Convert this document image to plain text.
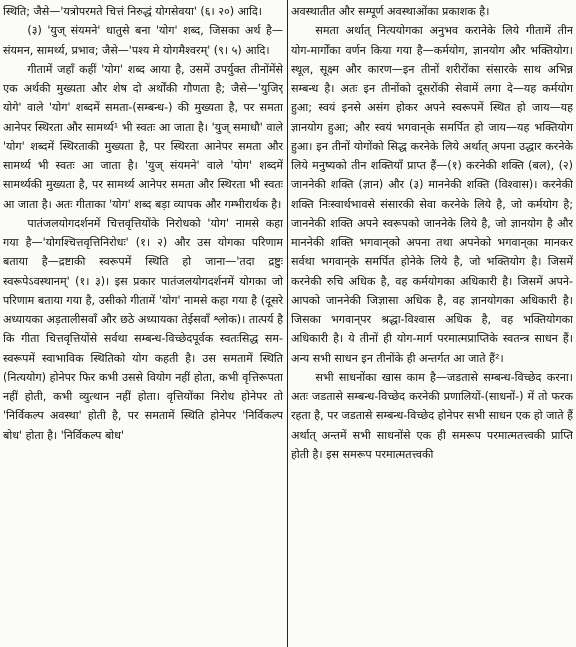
स्थिति; जैसे—'यत्रोपरमते चित्तं निरुद्धं योगसेवया' (६। २०) आदि।

(३) 'युज् संयमने' धातुसे बना 'योग' शब्द, जिसका अर्थ है—संयमन, सामर्थ्य, प्रभाव; जैसे—'पश्य मे योगमैश्वरम्' (९। ५) आदि।

गीतामें जहाँ कहीं 'योग' शब्द आया है, उसमें उपर्युक्त तीनोंमेंसे एक अर्थकी मुख्यता और शेष दो अर्थोंकी गौणता है; जैसे—'युजिर् योगे' वाले 'योग' शब्दमें समता-(सम्बन्ध-) की मुख्यता है, पर समता आनेपर स्थिरता और सामर्थ्य¹ भी स्वतः आ जाता है। 'युज् समाधौ' वाले 'योग' शब्दमें स्थिरताकी मुख्यता है, पर स्थिरता आनेपर समता और सामर्थ्य भी स्वतः आ जाता है। 'युज् संयमने' वाले 'योग' शब्दमें सामर्थ्यकी मुख्यता है, पर सामर्थ्य आनेपर समता और स्थिरता भी स्वतः आ जाता है। अतः गीताका 'योग' शब्द बड़ा व्यापक और गम्भीरार्थक है।

पातंजलयोगदर्शनमें चित्तवृत्तियोंके निरोधको 'योग' नामसे कहा गया है—'योगश्चित्तवृत्तिनिरोधः' (१। २) और उस योगका परिणाम बताया है—द्रष्टाकी स्वरूपमें स्थिति हो जाना—'तदा द्रष्टुः स्वरूपेऽवस्थानम्' (१। ३)। इस प्रकार पातंजलयोगदर्शनमें योगका जो परिणाम बताया गया है, उसीको गीतामें 'योग' नामसे कहा गया है (दूसरे अध्यायका अड़तालीसवाँ और छठे अध्यायका तेईसवाँ श्लोक)। तात्पर्य है कि गीता चित्तवृत्तियोंसे सर्वथा सम्बन्ध-विच्छेदपूर्वक स्वतःसिद्ध सम-स्वरूपमें स्वाभाविक स्थितिको योग कहती है। उस समतामें स्थिति (नित्ययोग) होनेपर फिर कभी उससे वियोग नहीं होता, कभी वृत्तिरूपता नहीं होती, कभी व्युत्थान नहीं होता। वृत्तियोंका निरोध होनेपर तो 'निर्विकल्प अवस्था' होती है, पर समतामें स्थिति होनेपर 'निर्विकल्प बोध' होता है। 'निर्विकल्प बोध'

अवस्थातीत और सम्पूर्ण अवस्थाओंका प्रकाशक है।

समता अर्थात् नित्ययोगका अनुभव करानेके लिये गीतामें तीन योग-मार्गोंका वर्णन किया गया है—कर्मयोग, ज्ञानयोग और भक्तियोग। स्थूल, सूक्ष्म और कारण—इन तीनों शरीरोंका संसारके साथ अभिन्न सम्बन्ध है। अतः इन तीनोंको दूसरोंकी सेवामें लगा दे—यह कर्मयोग हुआ; स्वयं इनसे असंग होकर अपने स्वरूपमें स्थित हो जाय—यह ज्ञानयोग हुआ; और स्वयं भगवान्‌के समर्पित हो जाय—यह भक्तियोग हुआ। इन तीनों योगोंको सिद्ध करनेके लिये अर्थात् अपना उद्धार करनेके लिये मनुष्यको तीन शक्तियाँ प्राप्त हैं—(१) करनेकी शक्ति (बल), (२) जाननेकी शक्ति (ज्ञान) और (३) माननेकी शक्ति (विश्वास)। करनेकी शक्ति निःस्वार्थभावसे संसारकी सेवा करनेके लिये है, जो कर्मयोग है; जाननेकी शक्ति अपने स्वरूपको जाननेके लिये है, जो ज्ञानयोग है और माननेकी शक्ति भगवान्‌को अपना तथा अपनेको भगवान्‌का मानकर सर्वथा भगवान्‌के समर्पित होनेके लिये है, जो भक्तियोग है। जिसमें करनेकी रुचि अधिक है, वह कर्मयोगका अधिकारी है। जिसमें अपने-आपको जाननेकी जिज्ञासा अधिक है, वह ज्ञानयोगका अधिकारी है। जिसका भगवान्‌पर श्रद्धा-विश्वास अधिक है, वह भक्तियोगका अधिकारी है। ये तीनों ही योग-मार्ग परमात्मप्राप्तिके स्वतन्त्र साधन हैं। अन्य सभी साधन इन तीनोंके ही अन्तर्गत आ जाते हैं²।

सभी साधनोंका खास काम है—जडतासे सम्बन्ध-विच्छेद करना। अतः जडतासे सम्बन्ध-विच्छेद करनेकी प्रणालियों-(साधनों-) में तो फरक रहता है, पर जडतासे सम्बन्ध-विच्छेद होनेपर सभी साधन एक हो जाते हैं अर्थात् अन्तमें सभी साधनोंसे एक ही समरूप परमात्मतत्त्वकी प्राप्ति होती है। इस समरूप परमात्मतत्त्वकी
